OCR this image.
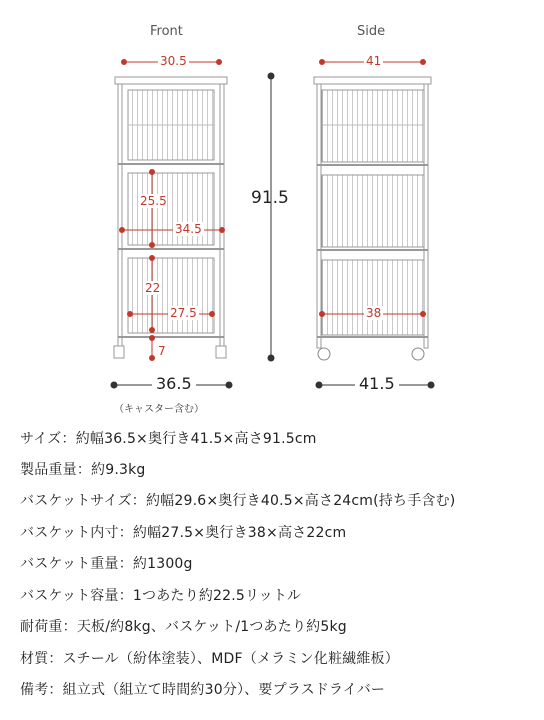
Front	Side
30.5	41
25.5
34.5
22
27.5
7
38
91.5
36.5	41.5
（キャスター含む）
サイズ：約幅36.5×奥行き41.5×高さ91.5cm
製品重量：約9.3kg
バスケットサイズ：約幅29.6×奥行き40.5×高さ24cm(持ち手含む)
バスケット内寸：約幅27.5×奥行き38×高さ22cm
バスケット重量：約1300g
バスケット容量：1つあたり約22.5リットル
耐荷重：天板/約8kg、バスケット/1つあたり約5kg
材質：スチール（紛体塗装）、MDF（メラミン化粧繊維板）
備考：組立式（組立て時間約30分）、要プラスドライバー
